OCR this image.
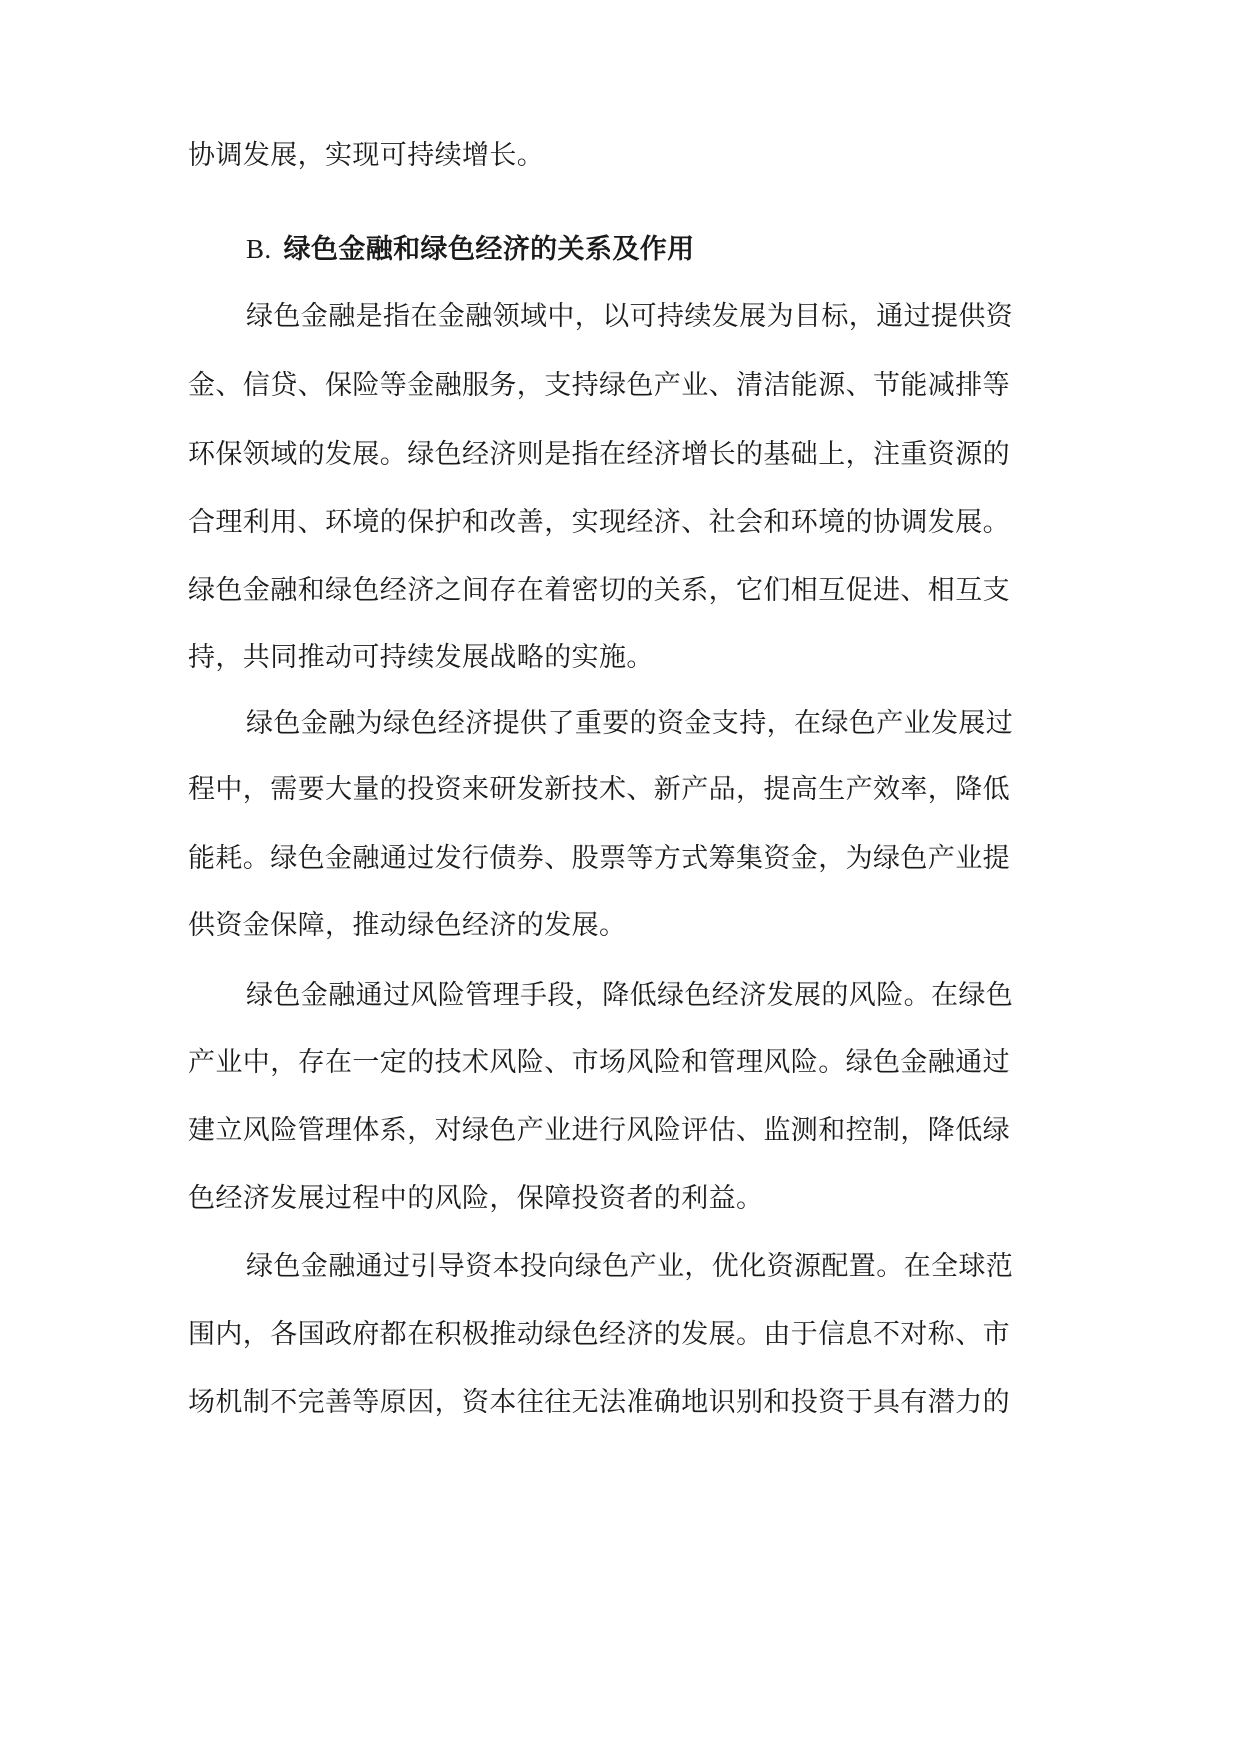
协调发展，实现可持续增长。
B. 绿色金融和绿色经济的关系及作用
绿色金融是指在金融领域中，以可持续发展为目标，通过提供资
金、信贷、保险等金融服务，支持绿色产业、清洁能源、节能减排等
环保领域的发展。绿色经济则是指在经济增长的基础上，注重资源的
合理利用、环境的保护和改善，实现经济、社会和环境的协调发展。
绿色金融和绿色经济之间存在着密切的关系，它们相互促进、相互支
持，共同推动可持续发展战略的实施。
绿色金融为绿色经济提供了重要的资金支持，在绿色产业发展过
程中，需要大量的投资来研发新技术、新产品，提高生产效率，降低
能耗。绿色金融通过发行债券、股票等方式筹集资金，为绿色产业提
供资金保障，推动绿色经济的发展。
绿色金融通过风险管理手段，降低绿色经济发展的风险。在绿色
产业中，存在一定的技术风险、市场风险和管理风险。绿色金融通过
建立风险管理体系，对绿色产业进行风险评估、监测和控制，降低绿
色经济发展过程中的风险，保障投资者的利益。
绿色金融通过引导资本投向绿色产业，优化资源配置。在全球范
围内，各国政府都在积极推动绿色经济的发展。由于信息不对称、市
场机制不完善等原因，资本往往无法准确地识别和投资于具有潜力的
